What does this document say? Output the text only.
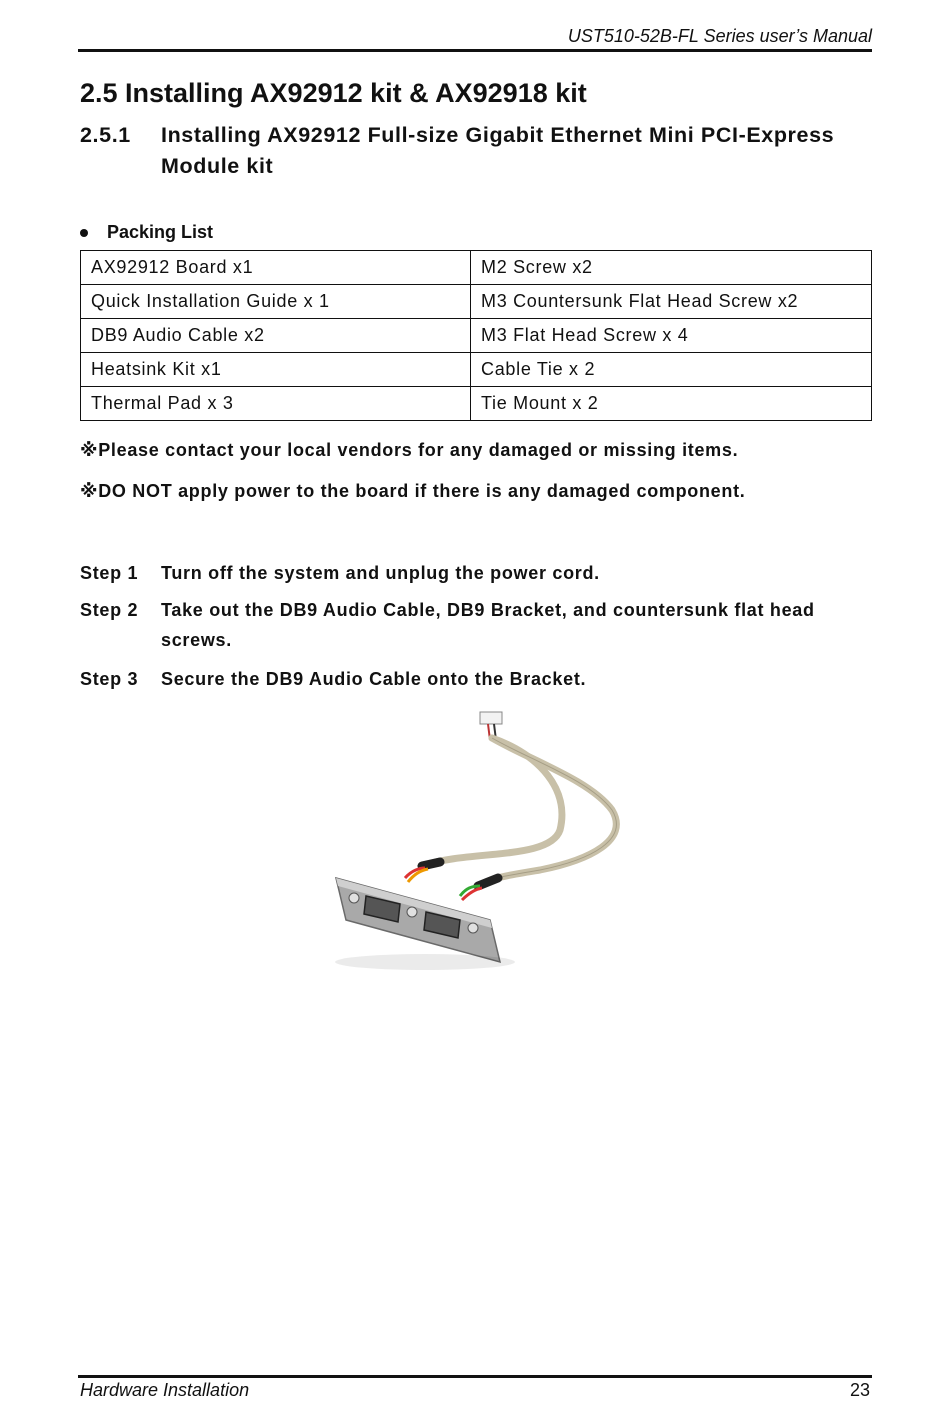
UST510-52B-FL Series user’s Manual
2.5 Installing AX92912 kit & AX92918 kit
2.5.1	Installing AX92912 Full-size Gigabit Ethernet Mini PCI-Express Module kit
Packing List
AX92912 Board x1	M2 Screw x2
Quick Installation Guide x 1	M3 Countersunk Flat Head Screw x2
DB9 Audio Cable x2	M3 Flat Head Screw x 4
Heatsink Kit x1	Cable Tie x 2
Thermal Pad x 3	Tie Mount x 2
※Please contact your local vendors for any damaged or missing items.
※DO NOT apply power to the board if there is any damaged component.
Step 1	Turn off the system and unplug the power cord.
Step 2	Take out the DB9 Audio Cable, DB9 Bracket, and countersunk flat head screws.
Step 3	Secure the DB9 Audio Cable onto the Bracket.
Hardware Installation	23
